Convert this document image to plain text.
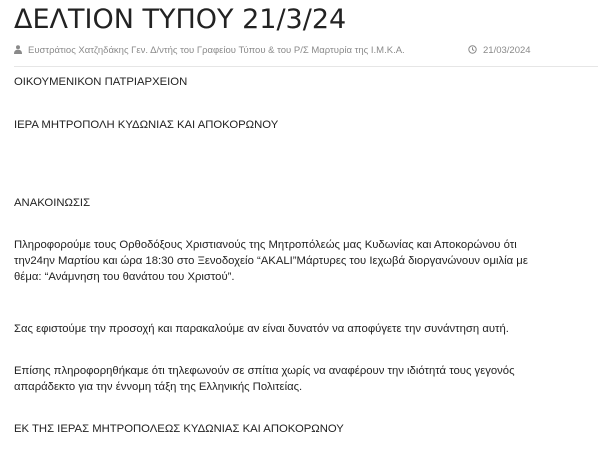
ΔΕΛΤΙΟΝ ΤΥΠΟΥ 21/3/24
Ευστράτιος Χατζηδάκης Γεν. Δ/ντής του Γραφείου Τύπου & του Ρ/Σ Μαρτυρία της Ι.Μ.Κ.Α.	21/03/2024

ΟΙΚΟΥΜΕΝΙΚΟΝ ΠΑΤΡΙΑΡΧΕΙΟΝ

ΙΕΡΑ ΜΗΤΡΟΠΟΛΗ ΚΥΔΩΝΙΑΣ ΚΑΙ ΑΠΟΚΟΡΩΝΟΥ

ΑΝΑΚΟΙΝΩΣΙΣ

Πληροφορούμε τους Ορθοδόξους Χριστιανούς της Μητροπόλεώς μας Κυδωνίας και Αποκορώνου ότι
την24ην Μαρτίου και ώρα 18:30 στο Ξενοδοχείο “AKALI”Μάρτυρες του Ιεχωβά διοργανώνουν ομιλία με
θέμα: “Ανάμνηση του θανάτου του Χριστού”.

Σας εφιστούμε την προσοχή και παρακαλούμε αν είναι δυνατόν να αποφύγετε την συνάντηση αυτή.

Επίσης πληροφορηθήκαμε ότι τηλεφωνούν σε σπίτια χωρίς να αναφέρουν την ιδιότητά τους γεγονός
απαράδεκτο για την έννομη τάξη της Ελληνικής Πολιτείας.

ΕΚ ΤΗΣ ΙΕΡΑΣ ΜΗΤΡΟΠΟΛΕΩΣ ΚΥΔΩΝΙΑΣ ΚΑΙ ΑΠΟΚΟΡΩΝΟΥ
